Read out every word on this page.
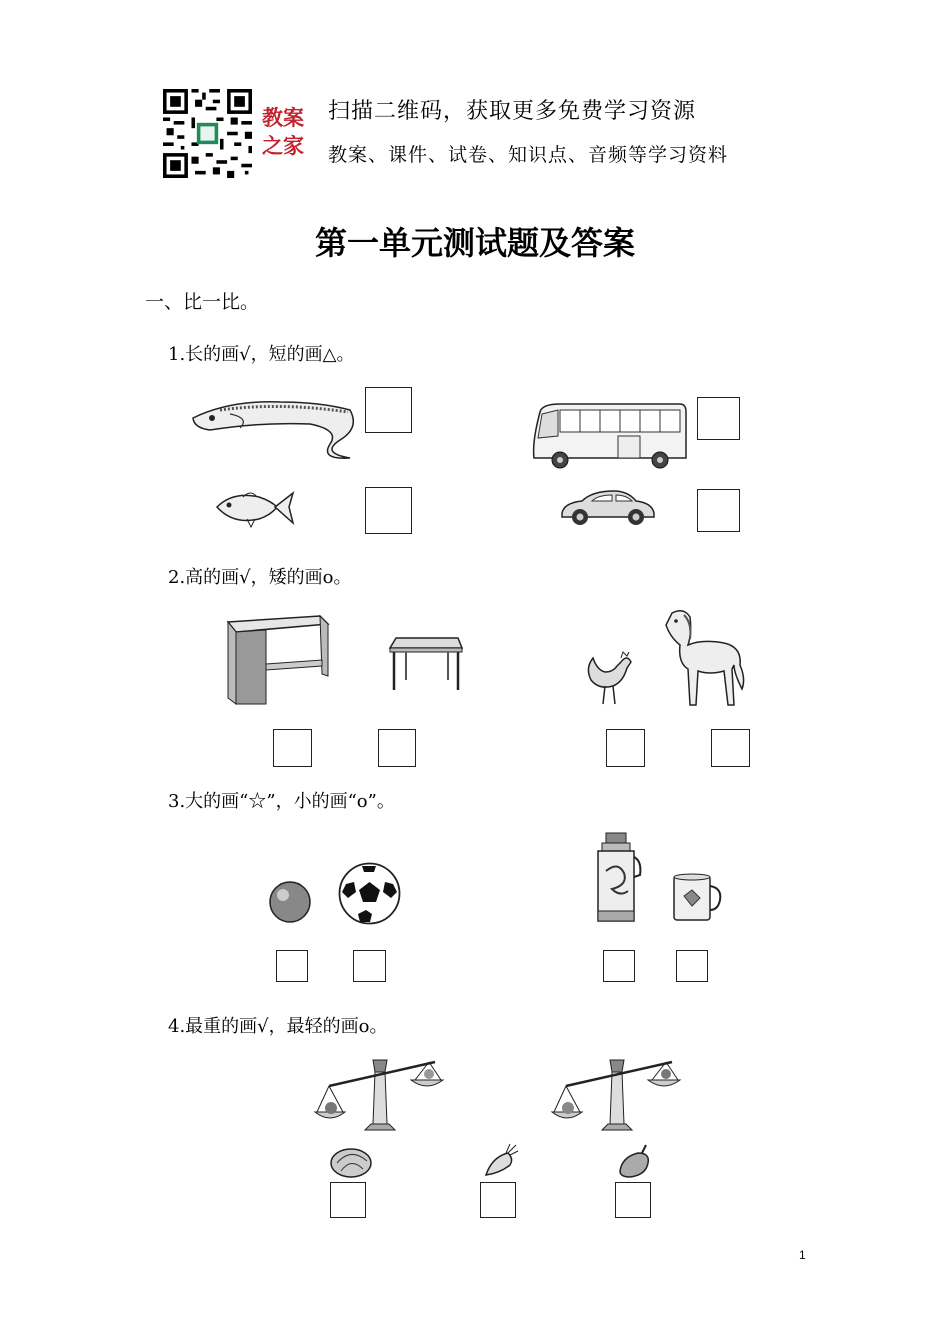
教案
之家
扫描二维码，获取更多免费学习资源
教案、课件、试卷、知识点、音频等学习资料
第一单元测试题及答案
一、比一比。
1.长的画√，短的画△。
2.高的画√，矮的画o。
3.大的画“☆”，小的画“o”。
4.最重的画√，最轻的画o。
1
